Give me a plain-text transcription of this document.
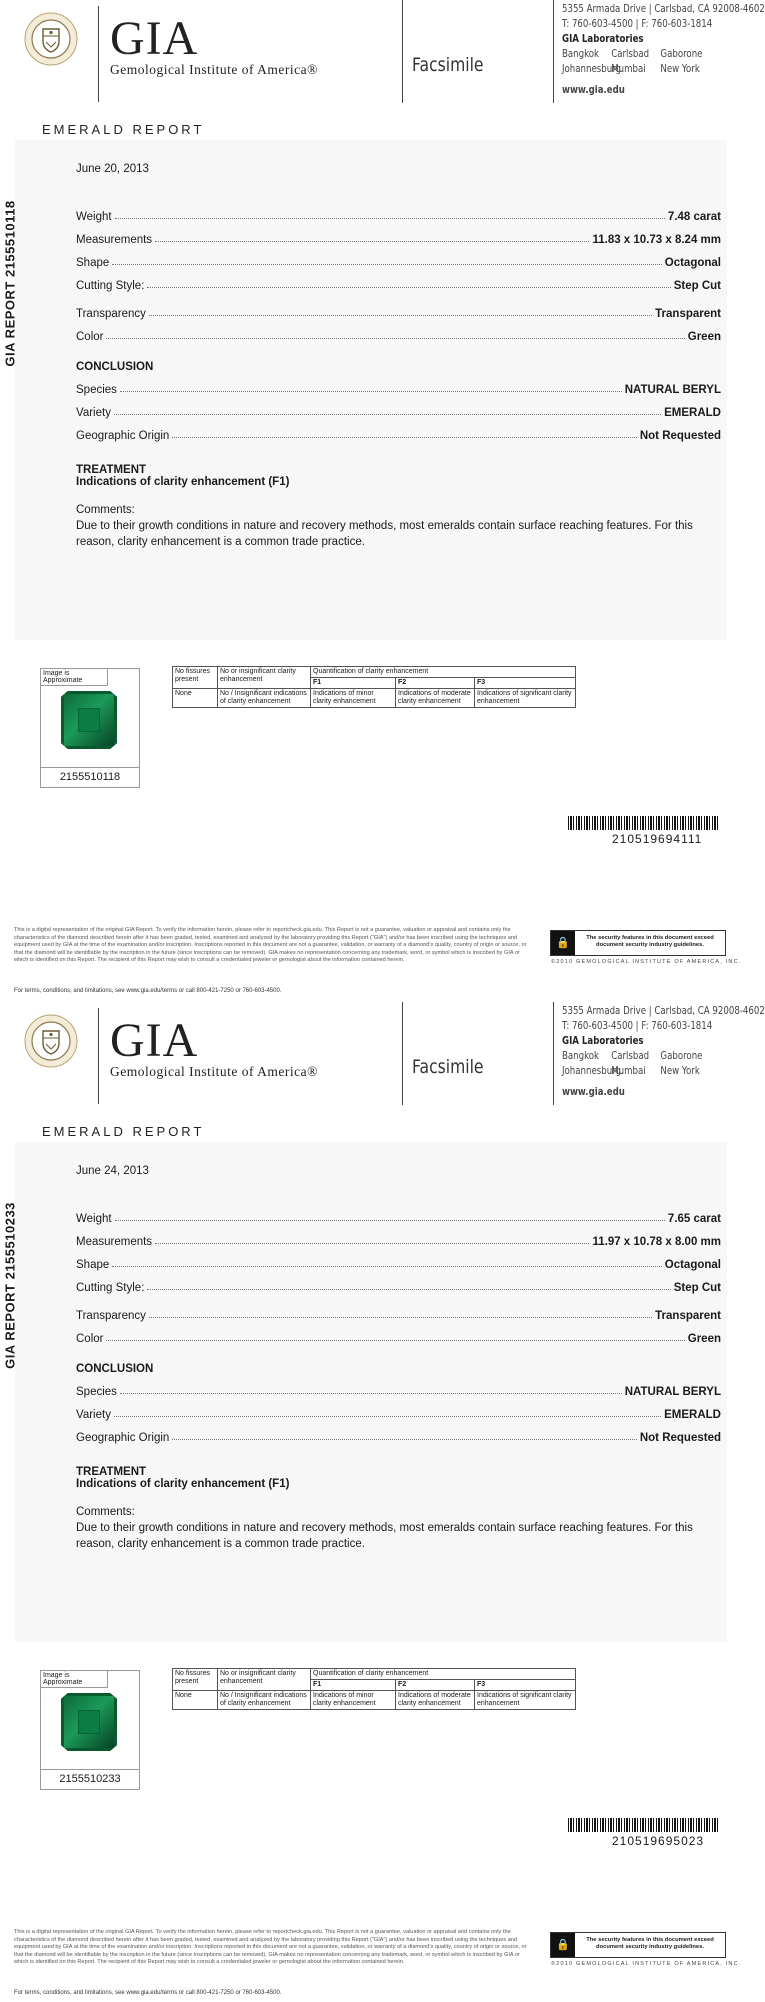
GIA
Gemological Institute of America®	Facsimile
5355 Armada Drive | Carlsbad, CA 92008-4602
T: 760-603-4500 | F: 760-603-1814
GIA Laboratories
Bangkok	Carlsbad	Gaborone
Johannesburg
Mumbai	New York
www.gia.edu
EMERALD REPORT
GIA REPORT 2155510118
June 20, 2013
Weight	7.48 carat
Measurements	11.83 x 10.73 x 8.24 mm
Shape	Octagonal
Cutting Style:	Step Cut
Transparency	Transparent
Color	Green
CONCLUSION
Species	NATURAL BERYL
Variety	EMERALD
Geographic Origin	Not Requested
TREATMENT
Indications of clarity enhancement (F1)
Comments:
Due to their growth conditions in nature and recovery methods, most emeralds contain surface reaching features. For this reason, clarity enhancement is a common trade practice.
Image is Approximate
2155510118
No fissures present	No or insignificant clarity enhancement	Quantification of clarity enhancement		
		F1	F2	F3
None	No / Insignificant indications of clarity enhancement	Indications of minor clarity enhancement	Indications of moderate clarity enhancement	Indications of significant clarity enhancement
210519694111
This is a digital representation of the original GIA Report. To verify the information herein, please refer to reportcheck.gia.edu. This Report is not a guarantee, valuation or appraisal and contains only the characteristics of the diamond described herein after it has been graded, tested, examined and analyzed by the laboratory providing this Report ("GIA") and/or has been inscribed using the techniques and equipment used by GIA at the time of the examination and/or inscription. Inscriptions reported in this document are not a guarantee, validation, or warranty of a diamond's quality, country of origin or source, or that the diamond will be identifiable by the inscription in the future (since inscriptions can be removed). GIA makes no representation concerning any trademark, word, or symbol which is inscribed by GIA or which is identified on this Report. The recipient of this Report may wish to consult a credentialed jeweler or gemologist about the information contained herein.
For terms, conditions, and limitations, see www.gia.edu/terms or call 800-421-7250 or 760-603-4500.
🔒	The security features in this document exceed document security industry guidelines.
©2010 GEMOLOGICAL INSTITUTE OF AMERICA, INC.
GIA
Gemological Institute of America®	Facsimile
5355 Armada Drive | Carlsbad, CA 92008-4602
T: 760-603-4500 | F: 760-603-1814
GIA Laboratories
Bangkok	Carlsbad	Gaborone
Johannesburg
Mumbai	New York
www.gia.edu
EMERALD REPORT
GIA REPORT 2155510233
June 24, 2013
Weight	7.65 carat
Measurements	11.97 x 10.78 x 8.00 mm
Shape	Octagonal
Cutting Style:	Step Cut
Transparency	Transparent
Color	Green
CONCLUSION
Species	NATURAL BERYL
Variety	EMERALD
Geographic Origin	Not Requested
TREATMENT
Indications of clarity enhancement (F1)
Comments:
Due to their growth conditions in nature and recovery methods, most emeralds contain surface reaching features. For this reason, clarity enhancement is a common trade practice.
Image is Approximate
2155510233
No fissures present	No or insignificant clarity enhancement	Quantification of clarity enhancement		
		F1	F2	F3
None	No / Insignificant indications of clarity enhancement	Indications of minor clarity enhancement	Indications of moderate clarity enhancement	Indications of significant clarity enhancement
210519695023
This is a digital representation of the original GIA Report. To verify the information herein, please refer to reportcheck.gia.edu. This Report is not a guarantee, valuation or appraisal and contains only the characteristics of the diamond described herein after it has been graded, tested, examined and analyzed by the laboratory providing this Report ("GIA") and/or has been inscribed using the techniques and equipment used by GIA at the time of the examination and/or inscription. Inscriptions reported in this document are not a guarantee, validation, or warranty of a diamond's quality, country of origin or source, or that the diamond will be identifiable by the inscription in the future (since inscriptions can be removed). GIA makes no representation concerning any trademark, word, or symbol which is inscribed by GIA or which is identified on this Report. The recipient of this Report may wish to consult a credentialed jeweler or gemologist about the information contained herein.
For terms, conditions, and limitations, see www.gia.edu/terms or call 800-421-7250 or 760-603-4500.
🔒	The security features in this document exceed document security industry guidelines.
©2010 GEMOLOGICAL INSTITUTE OF AMERICA, INC.
